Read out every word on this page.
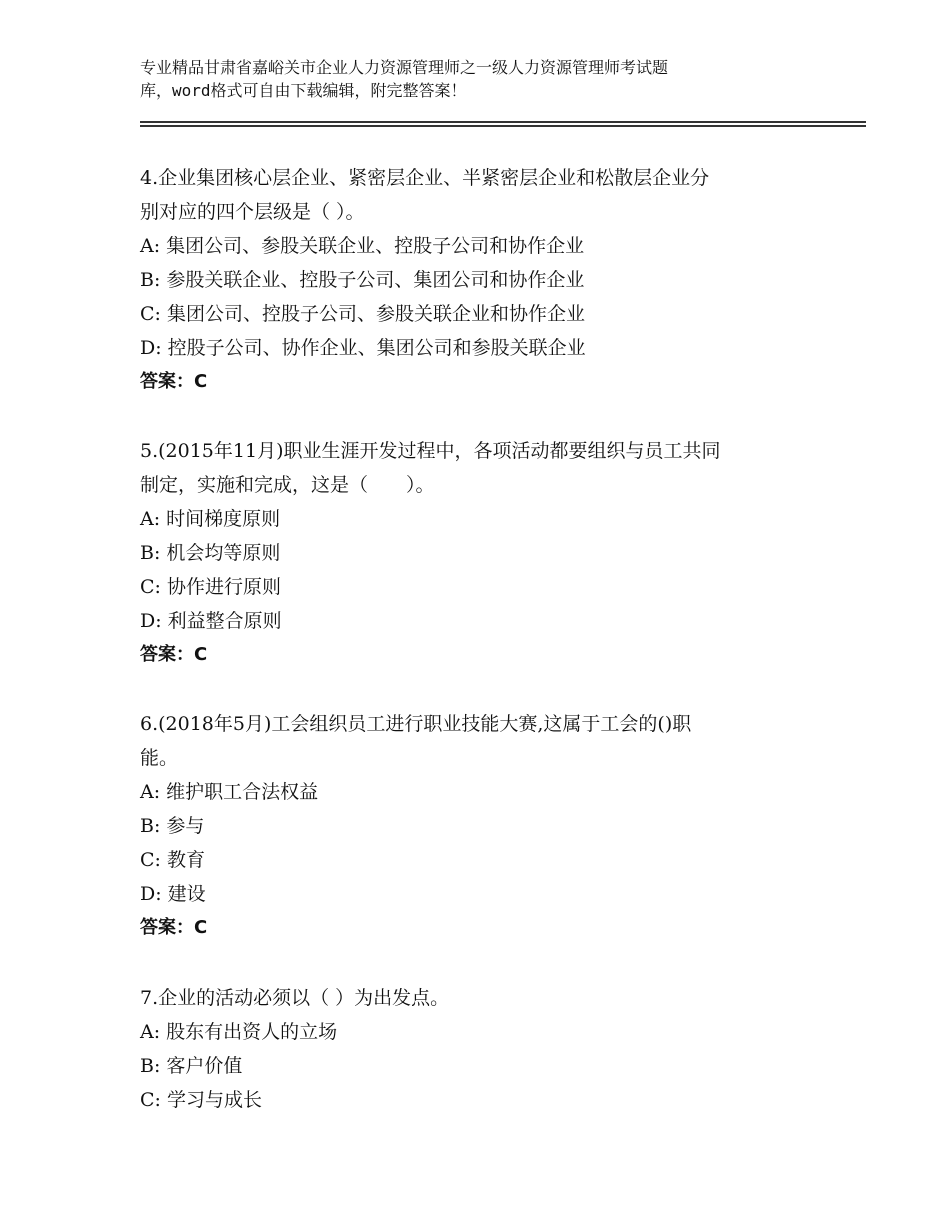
专业精品甘肃省嘉峪关市企业人力资源管理师之一级人力资源管理师考试题
库，word格式可自由下载编辑，附完整答案！
4.企业集团核心层企业、紧密层企业、半紧密层企业和松散层企业分
别对应的四个层级是（ ）。
A: 集团公司、参股关联企业、控股子公司和协作企业
B: 参股关联企业、控股子公司、集团公司和协作企业
C: 集团公司、控股子公司、参股关联企业和协作企业
D: 控股子公司、协作企业、集团公司和参股关联企业
答案：C
5.(2015年11月)职业生涯开发过程中，各项活动都要组织与员工共同
制定，实施和完成，这是（　　）。
A: 时间梯度原则
B: 机会均等原则
C: 协作进行原则
D: 利益整合原则
答案：C
6.(2018年5月)工会组织员工进行职业技能大赛,这属于工会的()职
能。
A: 维护职工合法权益
B: 参与
C: 教育
D: 建设
答案：C
7.企业的活动必须以（ ）为出发点。
A: 股东有出资人的立场
B: 客户价值
C: 学习与成长
